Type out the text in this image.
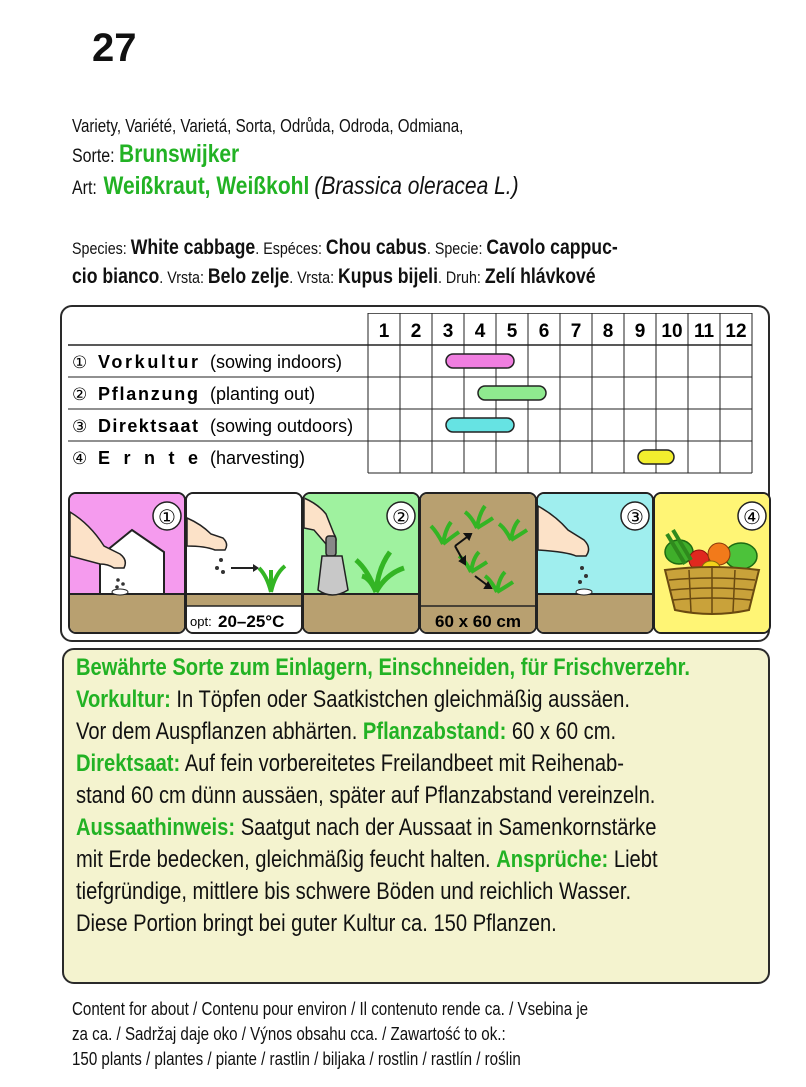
27
Variety, Variété, Varietá, Sorta, Odrůda, Odroda, Odmiana,
Sorte: Brunswijker
Art: Weißkraut, Weißkohl (Brassica oleracea L.)
Species: White cabbage. Espéces: Chou cabus. Specie: Cavolo cappuc-
cio bianco. Vrsta: Belo zelje. Vrsta: Kupus bijeli. Druh: Zelí hlávkové
1 2 3 4 5 6 7 8 9 10 11 12
① Vorkultur (sowing indoors)
② Pflanzung (planting out)
③ Direktsaat (sowing outdoors)
④ Ernte (harvesting)
①
opt: 20–25°C
②
60 x 60 cm
③	④
Bewährte Sorte zum Einlagern, Einschneiden, für Frischverzehr.
Vorkultur: In Töpfen oder Saatkistchen gleichmäßig aussäen.
Vor dem Auspflanzen abhärten. Pflanzabstand: 60 x 60 cm.
Direktsaat: Auf fein vorbereitetes Freilandbeet mit Reihenab-
stand 60 cm dünn aussäen, später auf Pflanzabstand vereinzeln.
Aussaathinweis: Saatgut nach der Aussaat in Samenkornstärke
mit Erde bedecken, gleichmäßig feucht halten. Ansprüche: Liebt
tiefgründige, mittlere bis schwere Böden und reichlich Wasser.
Diese Portion bringt bei guter Kultur ca. 150 Pflanzen.
Content for about / Contenu pour environ / Il contenuto rende ca. / Vsebina je
za ca. / Sadržaj daje oko / Výnos obsahu cca. / Zawartość to ok.:
150 plants / plantes / piante / rastlin / biljaka / rostlin / rastlín / roślin
